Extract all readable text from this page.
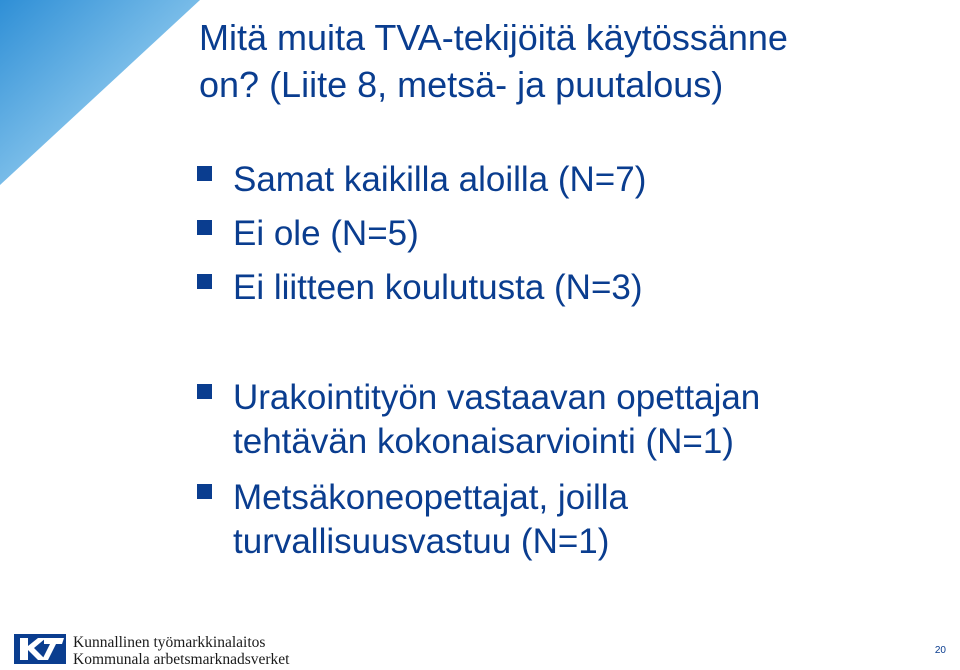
Mitä muita TVA-tekijöitä käytössänne
on? (Liite 8, metsä- ja puutalous)
Samat kaikilla aloilla (N=7)
Ei ole (N=5)
Ei liitteen koulutusta (N=3)
Urakointityön vastaavan opettajan
tehtävän kokonaisarviointi (N=1)
Metsäkoneopettajat, joilla
turvallisuusvastuu (N=1)
Kunnallinen työmarkkinalaitos
Kommunala arbetsmarknadsverket
20
